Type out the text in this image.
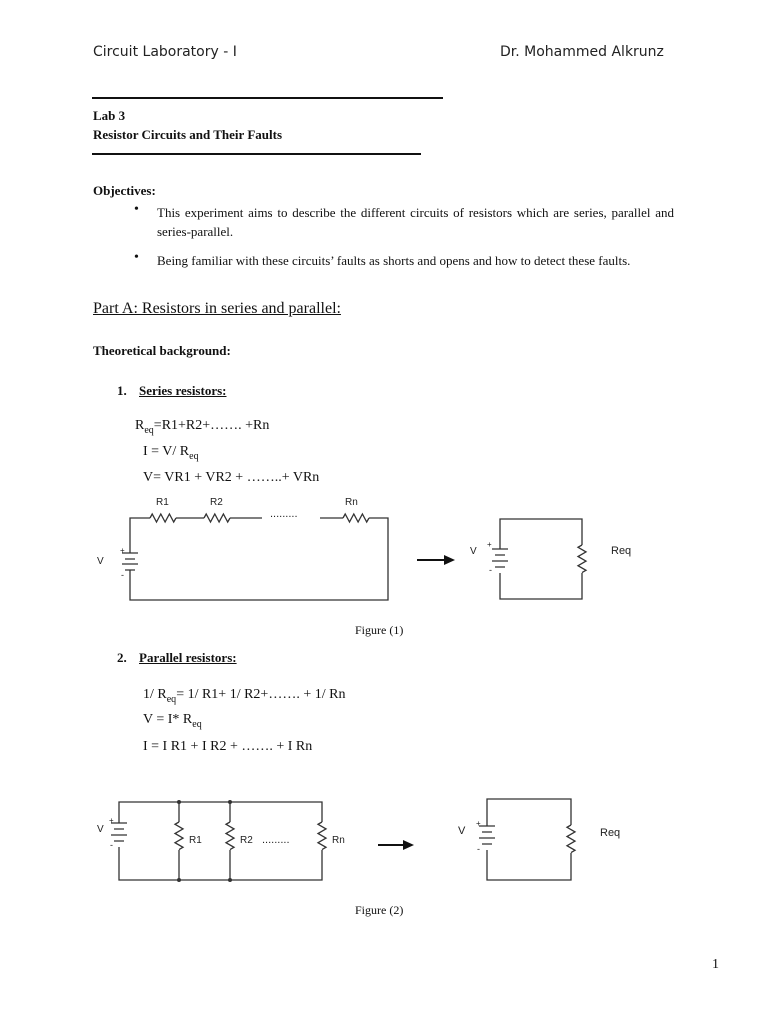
Circuit Laboratory - I	Dr. Mohammed Alkrunz
Lab 3
Resistor Circuits and Their Faults
Objectives:
• This experiment aims to describe the different circuits of resistors which are series, parallel and series-parallel.
• Being familiar with these circuits’ faults as shorts and opens and how to detect these faults.
Part A: Resistors in series and parallel:
Theoretical background:
1. Series resistors:
$R_{eq}=R1+R2+\dots\dots$. +Rn
I = V/ $R_{eq}$
V= VR1 + VR2 + ……..+ VRn
R1	R2	Rn
.........
V
+
-
V
+
-
Req
Figure (1)
2. Parallel resistors:
1/ $R_{eq}= 1/$ R1+ 1/ R2+……. + 1/ Rn
V = I* $R_{eq}$
I = I R1 + I R2 + ……. + I Rn
R1	R2 .........	Rn
V
+
-
V
+
-
Req
Figure (2)
1
